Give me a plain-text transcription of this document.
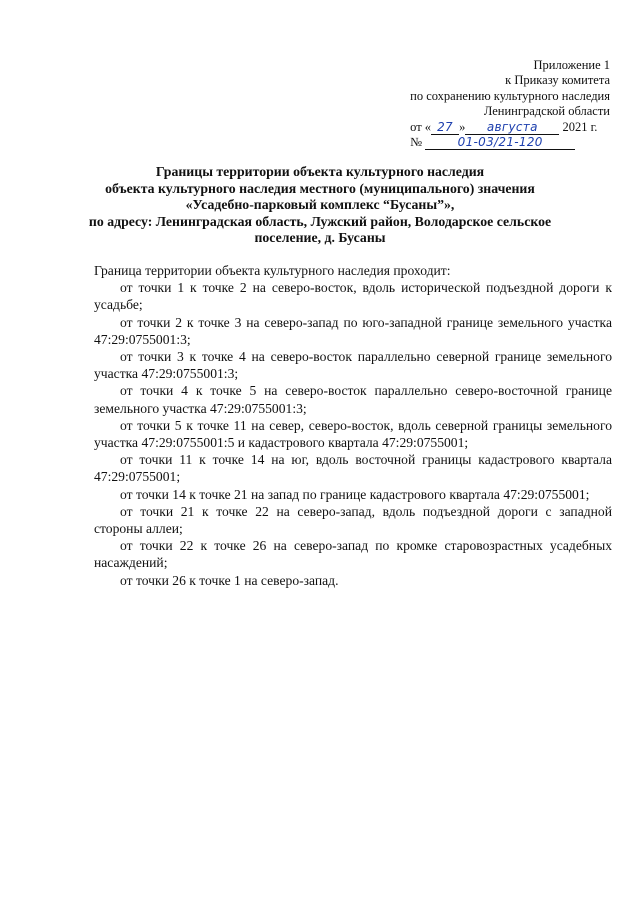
Приложение 1
к Приказу комитета
по сохранению культурного наследия
Ленинградской области
от « 27 » августа 2021 г.
№	01-03/21-120
Границы территории объекта культурного наследия
объекта культурного наследия местного (муниципального) значения
«Усадебно-парковый комплекс “Бусаны”»,
по адресу: Ленинградская область, Лужский район, Володарское сельское
поселение, д. Бусаны
Граница территории объекта культурного наследия проходит:
от точки 1 к точке 2 на северо-восток, вдоль исторической подъездной дороги к усадьбе;
от точки 2 к точке 3 на северо-запад по юго-западной границе земельного участка 47:29:0755001:3;
от точки 3 к точке 4 на северо-восток параллельно северной границе земельного участка 47:29:0755001:3;
от точки 4 к точке 5 на северо-восток параллельно северо-восточной границе земельного участка 47:29:0755001:3;
от точки 5 к точке 11 на север, северо-восток, вдоль северной границы земельного участка 47:29:0755001:5 и кадастрового квартала 47:29:0755001;
от точки 11 к точке 14 на юг, вдоль восточной границы кадастрового квартала 47:29:0755001;
от точки 14 к точке 21 на запад по границе кадастрового квартала 47:29:0755001;
от точки 21 к точке 22 на северо-запад, вдоль подъездной дороги с западной стороны аллеи;
от точки 22 к точке 26 на северо-запад по кромке старовозрастных усадебных насаждений;
от точки 26 к точке 1 на северо-запад.
